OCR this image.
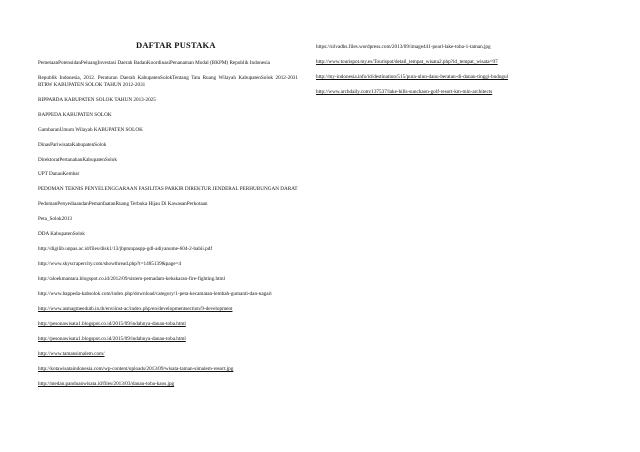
DAFTAR PUSTAKA

PemetaanPotensidanPeluangInvestasi Daerah BadanKoordinasiPenanaman Modal (BKPM) Republik Indonesia

Republik Indonesia, 2012. Peraturan Daerah KabupatenSolokTentang Tata Ruang Wilayah KabupatenSolok 2012-2031 RTRW KABUPATEN SOLOK TAHUN 2012-2031

RIPPARDA KABUPATEN SOLOK TAHUN 2013-2025

BAPPEDA KABUPATEN SOLOK

GambaranUmum Wilayah KABUPATEN SOLOK

DinasPariwisataKabupatenSolok

DirektoratPertanahanKabupatenSolok

UPT DanauKembar

PEDOMAN TEKNIS PENYELENGGARAAN FASILITAS PARKIR DIREKTUR JENDERAL PERHUBUNGAN DARAT

PedomanPenyediaandanPemanfaatanRuang Terbuka Hijau Di KawasanPerkotaan

Peta_Solok2013

DDA KabupatenSolok

http://digilib.unpas.ac.id/files/disk1/13/jbptunpaspp-gdl-adiyanume-604-2-babii.pdf

http://www.skyscrapercity.com/showthread.php?t=1485139&page=4

http://aloekmantara.blogspot.co.id/2012/09/sistem-pemadam-kebakaran-fire-fighting.html

http://www.bappeda-kabsolok.com/index.php/download/category/1-peta-kecamatan-lembah-gumanti-dan-nagari

http://www.asmagmeedutb.in.th/enviinst-ac/index.php/en/developmentsection/9-development

http://pesonawisata1.blogspot.co.id/2015/09/indahnya-danau-toba.html

http://pesonawisata1.blogspot.co.id/2015/09/indahnya-danau-toba.html

http://www.tamansimalem.com/

http://kotawisataindonesia.com/wp-content/uploads/2013/09/wisata-taman-simalem-resort.jpg

http://medan.panduanwisata.id/files/2013/03/danau-toba-kaos.jpg

https://silvadhs.files.wordpress.com/2013/09/image441-pearl-lake-toba-1-taman.jpg

http://www.tourispot.my.es/Tourispot/detail_tempat_wisata2.php?id_tempat_wisata=97

http://my-indonesia.info/id/destination/515/pura-ulun-danu-beratan-di-danau-tinggi-budugul

http://www.archdaily.com/137537/lake-hills-sunchaon-golf-resort-km-min-architects
